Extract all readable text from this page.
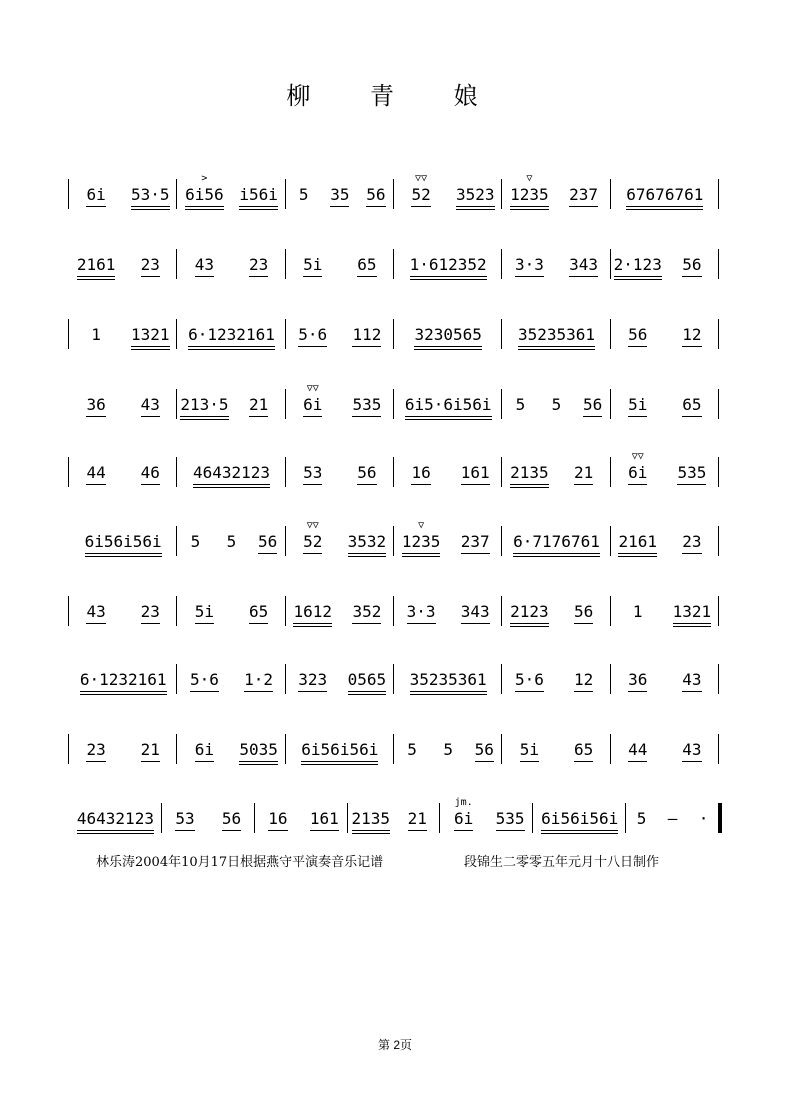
柳 青 娘
6i	53·5 6i56
>
i56i	5	35	56	52
▽▽
3523 1235
▽
237	67676761
2161	23	43	23	5i	65	1·612352	3·3	343 2·123	56
1	1321	6·1232161	5·6	112	3230565	35235361	56	12
36	43	213·5	21	6i
▽▽
535	6i5·6i56i	5	5	56	5i	65
44	46	46432123	53	56	16	161	2135	21	6i
▽▽
535
6i56i56i	5	5	56	52
▽▽
3532 1235
▽
237	6·7176761	2161	23
43	23	5i	65	1612	352	3·3	343	2123	56	1	1321
6·1232161	5·6	1·2	323	0565	35235361	5·6	12	36	43
23	21	6i	5035	6i56i56i	5	5	56	5i	65	44	43
46432123	53	56	16	161 2135	21	6i
jm.
535	6i56i56i	5	–	·
林乐涛2004年10月17日根据燕守平演奏音乐记谱	段锦生二零零五年元月十八日制作
第 2页
